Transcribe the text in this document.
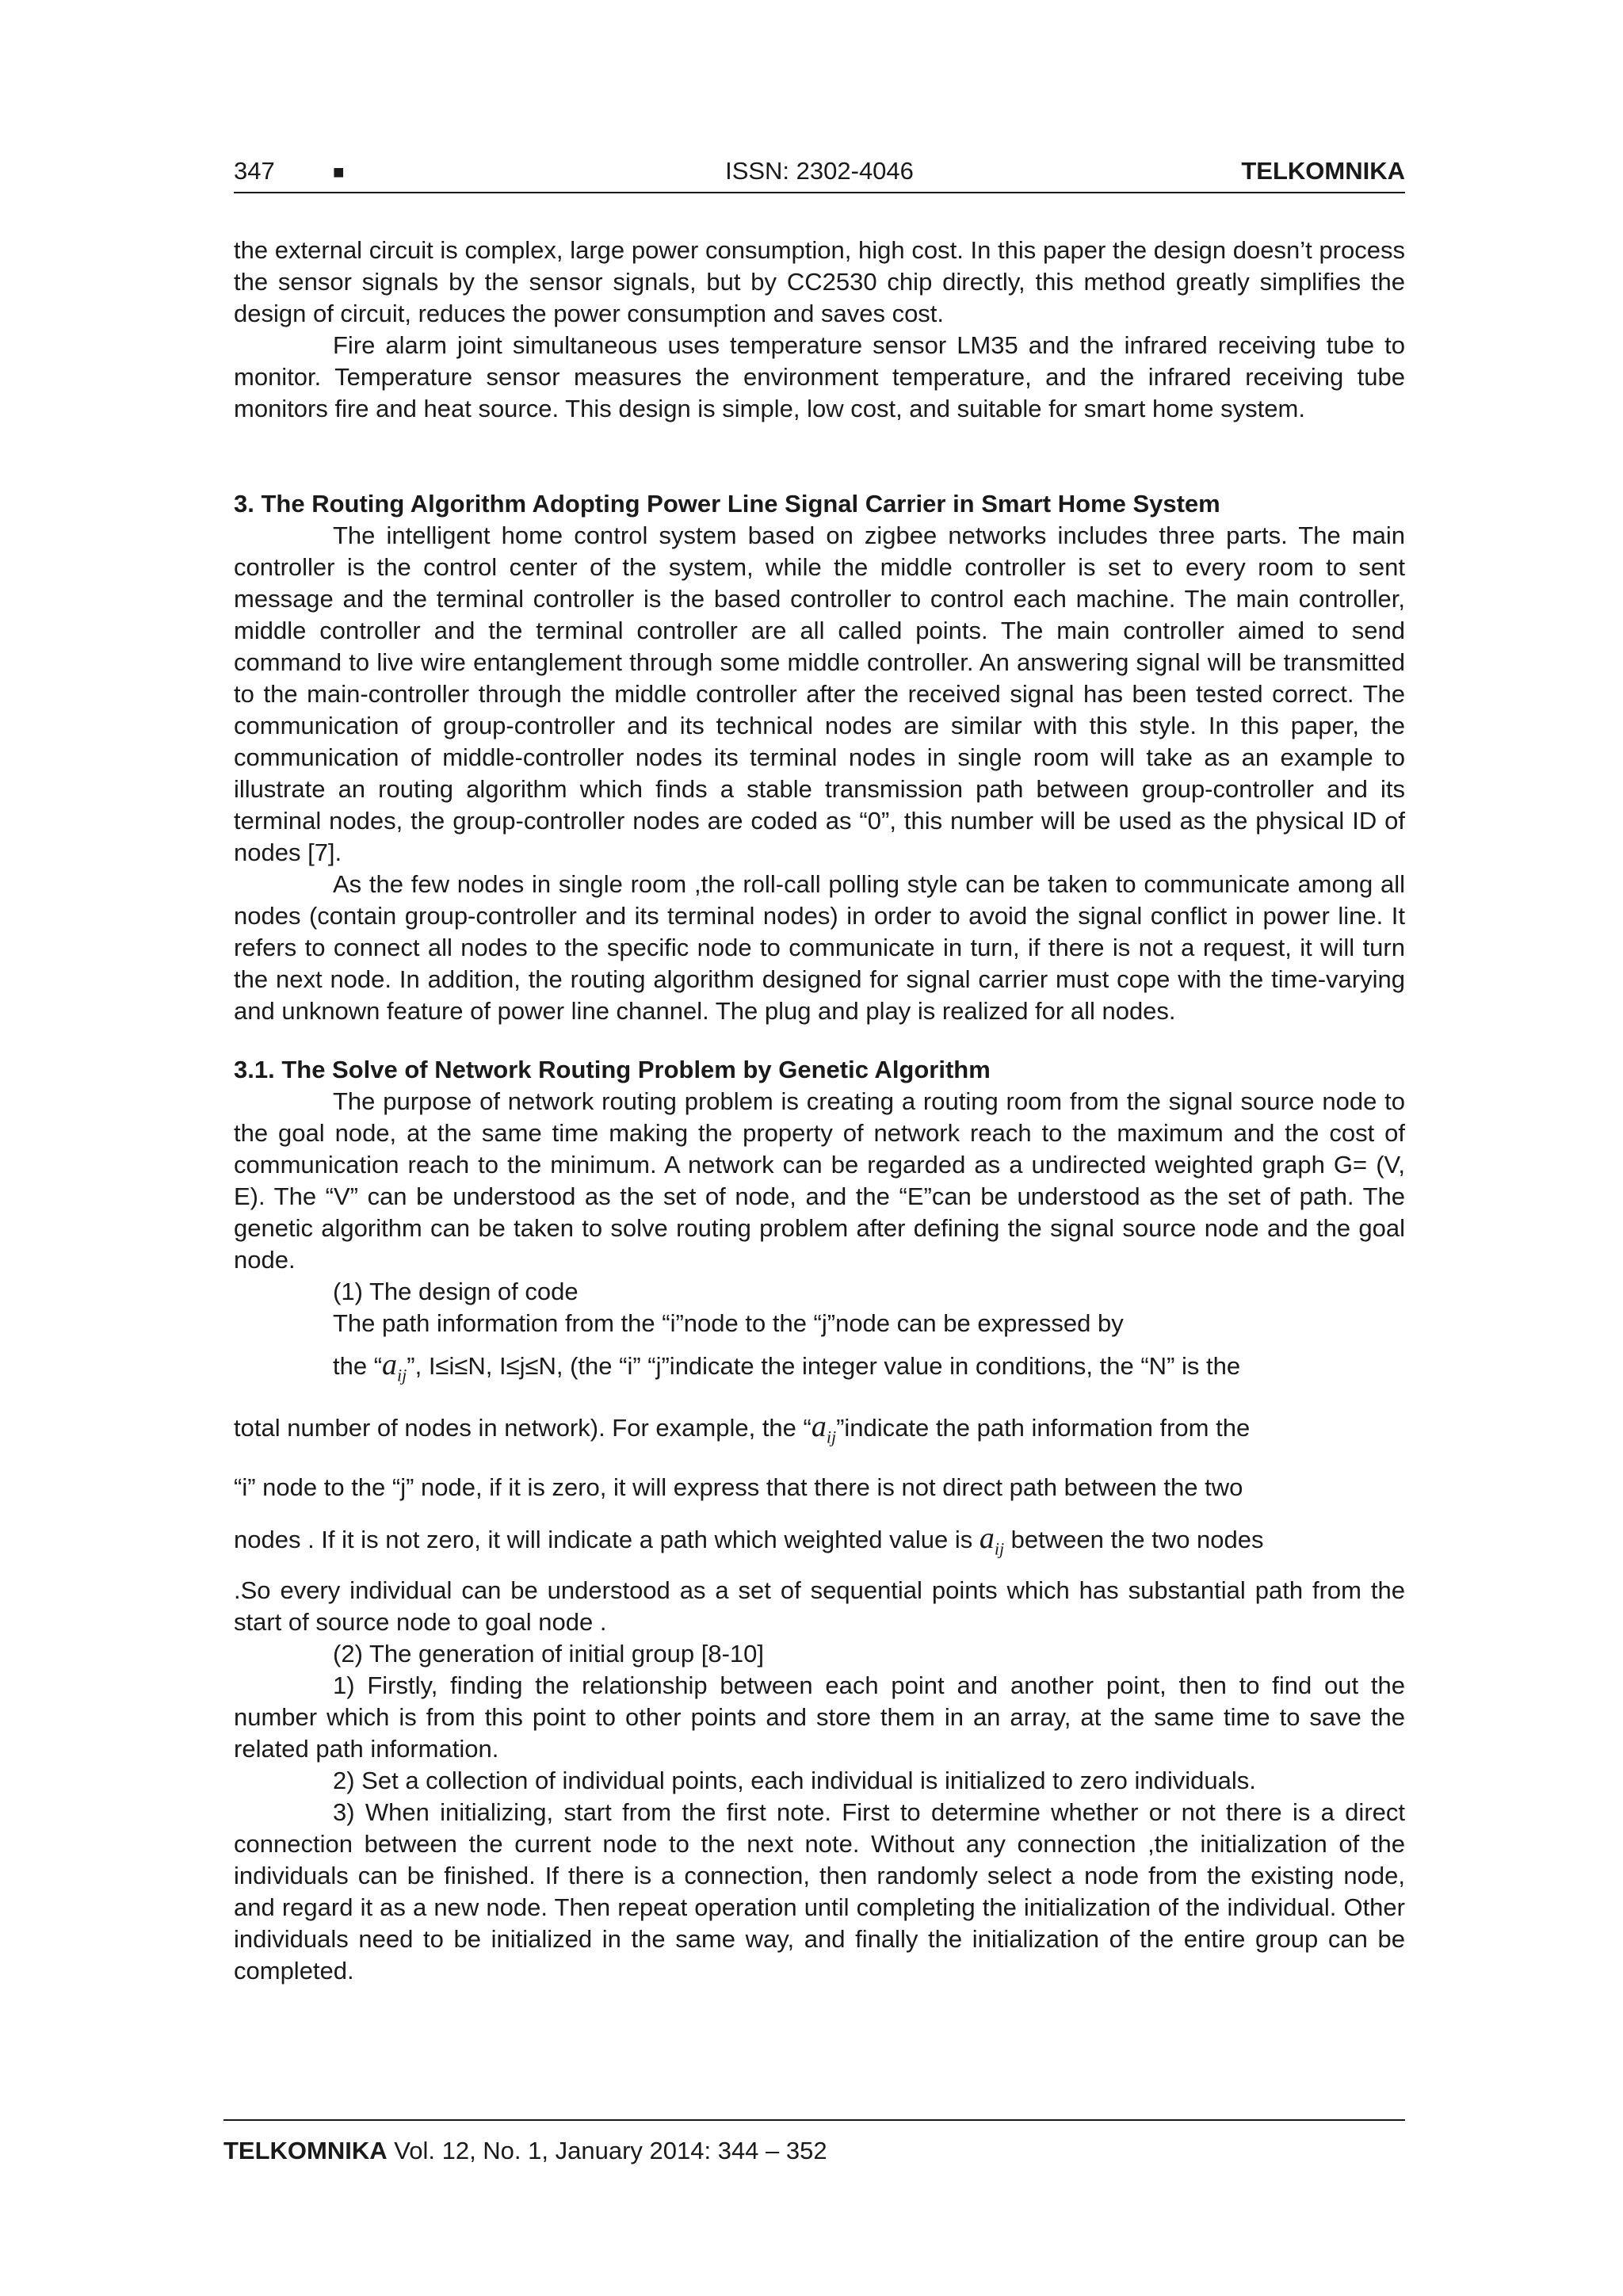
347	■	ISSN: 2302-4046	TELKOMNIKA

the external circuit is complex, large power consumption, high cost. In this paper the design doesn’t process the sensor signals by the sensor signals, but by CC2530 chip directly, this method greatly simplifies the design of circuit, reduces the power consumption and saves cost.

Fire alarm joint simultaneous uses temperature sensor LM35 and the infrared receiving tube to monitor. Temperature sensor measures the environment temperature, and the infrared receiving tube monitors fire and heat source. This design is simple, low cost, and suitable for smart home system.

3. The Routing Algorithm Adopting Power Line Signal Carrier in Smart Home System

The intelligent home control system based on zigbee networks includes three parts. The main controller is the control center of the system, while the middle controller is set to every room to sent message and the terminal controller is the based controller to control each machine. The main controller, middle controller and the terminal controller are all called points. The main controller aimed to send command to live wire entanglement through some middle controller. An answering signal will be transmitted to the main-controller through the middle controller after the received signal has been tested correct. The communication of group-controller and its technical nodes are similar with this style. In this paper, the communication of middle-controller nodes its terminal nodes in single room will take as an example to illustrate an routing algorithm which finds a stable transmission path between group-controller and its terminal nodes, the group-controller nodes are coded as “0”, this number will be used as the physical ID of nodes [7].

As the few nodes in single room ,the roll-call polling style can be taken to communicate among all nodes (contain group-controller and its terminal nodes) in order to avoid the signal conflict in power line. It refers to connect all nodes to the specific node to communicate in turn, if there is not a request, it will turn the next node. In addition, the routing algorithm designed for signal carrier must cope with the time-varying and unknown feature of power line channel. The plug and play is realized for all nodes.

3.1. The Solve of Network Routing Problem by Genetic Algorithm

The purpose of network routing problem is creating a routing room from the signal source node to the goal node, at the same time making the property of network reach to the maximum and the cost of communication reach to the minimum. A network can be regarded as a undirected weighted graph G= (V, E). The “V” can be understood as the set of node, and the “E”can be understood as the set of path. The genetic algorithm can be taken to solve routing problem after defining the signal source node and the goal node.

(1) The design of code

The path information from the “i”node to the “j”node can be expressed by

the “$a_{ij}$”, I≤i≤N, I≤j≤N, (the “i” “j”indicate the integer value in conditions, the “N” is the

total number of nodes in network). For example, the “$a_{ij}”indicate$ the path information from the

“i” node to the “j” node, if it is zero, it will express that there is not direct path between the two

nodes . If it is not zero, it will indicate a path which weighted value is $a_{ij}$ between the two nodes

.So every individual can be understood as a set of sequential points which has substantial path from the start of source node to goal node .

(2) The generation of initial group [8-10]

1) Firstly, finding the relationship between each point and another point, then to find out the number which is from this point to other points and store them in an array, at the same time to save the related path information.

2) Set a collection of individual points, each individual is initialized to zero individuals.

3) When initializing, start from the first note. First to determine whether or not there is a direct connection between the current node to the next note. Without any connection ,the initialization of the individuals can be finished. If there is a connection, then randomly select a node from the existing node, and regard it as a new node. Then repeat operation until completing the initialization of the individual. Other individuals need to be initialized in the same way, and finally the initialization of the entire group can be completed.

TELKOMNIKA Vol. 12, No. 1, January 2014: 344 – 352
